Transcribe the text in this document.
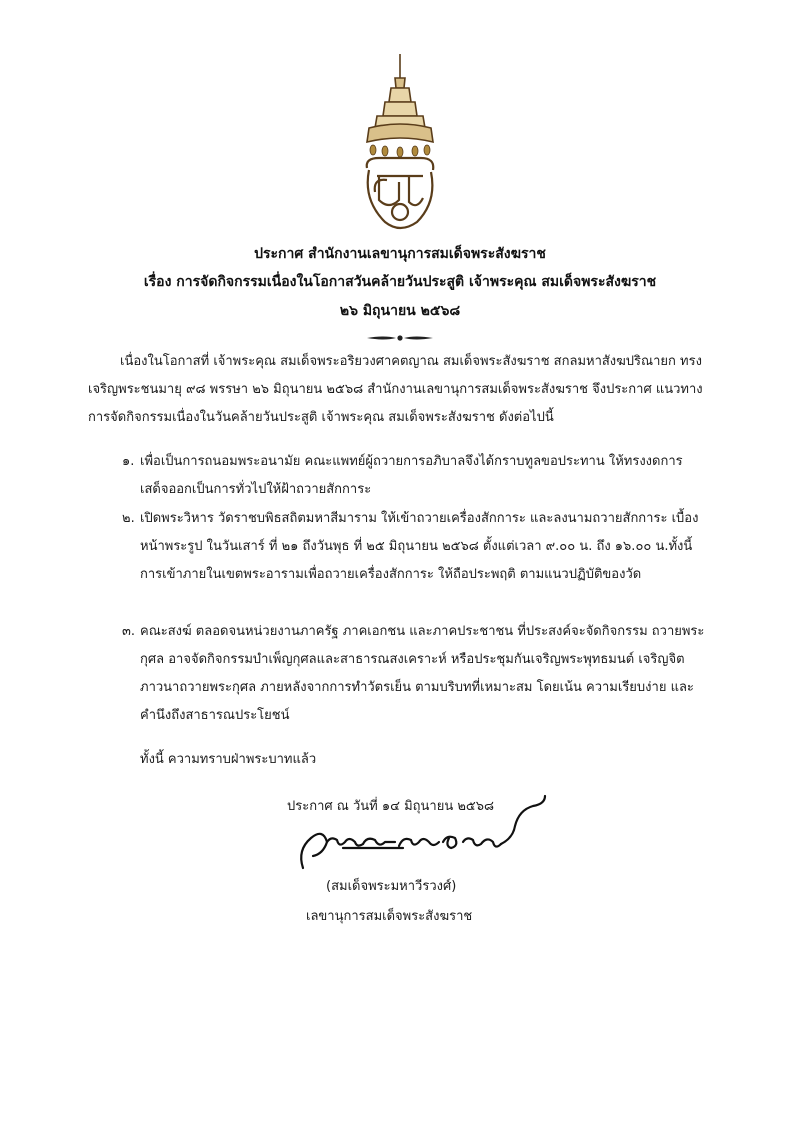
ประกาศ สำนักงานเลขานุการสมเด็จพระสังฆราช
เรื่อง การจัดกิจกรรมเนื่องในโอกาสวันคล้ายวันประสูติ เจ้าพระคุณ สมเด็จพระสังฆราช
๒๖ มิถุนายน ๒๕๖๘
เนื่องในโอกาสที่ เจ้าพระคุณ สมเด็จพระอริยวงศาคตญาณ สมเด็จพระสังฆราช สกลมหาสังฆปริณายก ทรงเจริญพระชนมายุ ๙๘ พรรษา ๒๖ มิถุนายน ๒๕๖๘ สำนักงานเลขานุการสมเด็จพระสังฆราช จึงประกาศ แนวทางการจัดกิจกรรมเนื่องในวันคล้ายวันประสูติ เจ้าพระคุณ สมเด็จพระสังฆราช ดังต่อไปนี้
๑. เพื่อเป็นการถนอมพระอนามัย คณะแพทย์ผู้ถวายการอภิบาลจึงได้กราบทูลขอประทาน ให้ทรงงดการเสด็จออกเป็นการทั่วไปให้ฝ้าถวายสักการะ
๒. เปิดพระวิหาร วัดราชบพิธสถิตมหาสีมาราม ให้เข้าถวายเครื่องสักการะ และลงนามถวายสักการะ เบื้องหน้าพระรูป ในวันเสาร์ ที่ ๒๑ ถึงวันพุธ ที่ ๒๕ มิถุนายน ๒๕๖๘ ตั้งแต่เวลา ๙.๐๐ น. ถึง ๑๖.๐๐ น.ทั้งนี้ การเข้าภายในเขตพระอารามเพื่อถวายเครื่องสักการะ ให้ถือประพฤติ ตามแนวปฏิบัติของวัด
๓. คณะสงฆ์ ตลอดจนหน่วยงานภาครัฐ ภาคเอกชน และภาคประชาชน ที่ประสงค์จะจัดกิจกรรม ถวายพระกุศล อาจจัดกิจกรรมบำเพ็ญกุศลและสาธารณสงเคราะห์ หรือประชุมกันเจริญพระพุทธมนต์ เจริญจิตภาวนาถวายพระกุศล ภายหลังจากการทำวัตรเย็น ตามบริบทที่เหมาะสม โดยเน้น ความเรียบง่าย และคำนึงถึงสาธารณประโยชน์
ทั้งนี้ ความทราบฝ่าพระบาทแล้ว
ประกาศ ณ วันที่ ๑๔ มิถุนายน ๒๕๖๘
(สมเด็จพระมหาวีรวงศ์)
เลขานุการสมเด็จพระสังฆราช
